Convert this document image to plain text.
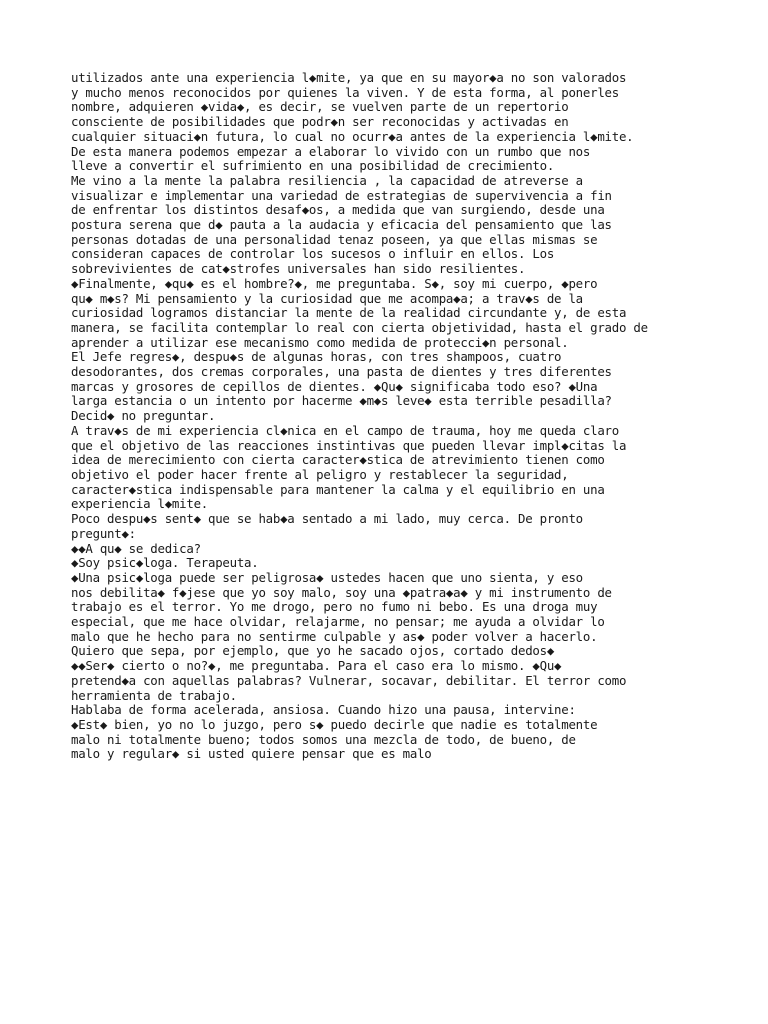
utilizados ante una experiencia l◆mite, ya que en su mayor◆a no son valorados
y mucho menos reconocidos por quienes la viven. Y de esta forma, al ponerles
nombre, adquieren ◆vida◆, es decir, se vuelven parte de un repertorio
consciente de posibilidades que podr◆n ser reconocidas y activadas en
cualquier situaci◆n futura, lo cual no ocurr◆a antes de la experiencia l◆mite.
De esta manera podemos empezar a elaborar lo vivido con un rumbo que nos
lleve a convertir el sufrimiento en una posibilidad de crecimiento.
Me vino a la mente la palabra resiliencia , la capacidad de atreverse a
visualizar e implementar una variedad de estrategias de supervivencia a fin
de enfrentar los distintos desaf◆os, a medida que van surgiendo, desde una
postura serena que d◆ pauta a la audacia y eficacia del pensamiento que las
personas dotadas de una personalidad tenaz poseen, ya que ellas mismas se
consideran capaces de controlar los sucesos o influir en ellos. Los
sobrevivientes de cat◆strofes universales han sido resilientes.
◆Finalmente, ◆qu◆ es el hombre?◆, me preguntaba. S◆, soy mi cuerpo, ◆pero
qu◆ m◆s? Mi pensamiento y la curiosidad que me acompa◆a; a trav◆s de la
curiosidad logramos distanciar la mente de la realidad circundante y, de esta
manera, se facilita contemplar lo real con cierta objetividad, hasta el grado de
aprender a utilizar ese mecanismo como medida de protecci◆n personal.
El Jefe regres◆, despu◆s de algunas horas, con tres shampoos, cuatro
desodorantes, dos cremas corporales, una pasta de dientes y tres diferentes
marcas y grosores de cepillos de dientes. ◆Qu◆ significaba todo eso? ◆Una
larga estancia o un intento por hacerme ◆m◆s leve◆ esta terrible pesadilla?
Decid◆ no preguntar.
A trav◆s de mi experiencia cl◆nica en el campo de trauma, hoy me queda claro
que el objetivo de las reacciones instintivas que pueden llevar impl◆citas la
idea de merecimiento con cierta caracter◆stica de atrevimiento tienen como
objetivo el poder hacer frente al peligro y restablecer la seguridad,
caracter◆stica indispensable para mantener la calma y el equilibrio en una
experiencia l◆mite.
Poco despu◆s sent◆ que se hab◆a sentado a mi lado, muy cerca. De pronto
pregunt◆:
◆◆A qu◆ se dedica?
◆Soy psic◆loga. Terapeuta.
◆Una psic◆loga puede ser peligrosa◆ ustedes hacen que uno sienta, y eso
nos debilita◆ f◆jese que yo soy malo, soy una ◆patra◆a◆ y mi instrumento de
trabajo es el terror. Yo me drogo, pero no fumo ni bebo. Es una droga muy
especial, que me hace olvidar, relajarme, no pensar; me ayuda a olvidar lo
malo que he hecho para no sentirme culpable y as◆ poder volver a hacerlo.
Quiero que sepa, por ejemplo, que yo he sacado ojos, cortado dedos◆
◆◆Ser◆ cierto o no?◆, me preguntaba. Para el caso era lo mismo. ◆Qu◆
pretend◆a con aquellas palabras? Vulnerar, socavar, debilitar. El terror como
herramienta de trabajo.
Hablaba de forma acelerada, ansiosa. Cuando hizo una pausa, intervine:
◆Est◆ bien, yo no lo juzgo, pero s◆ puedo decirle que nadie es totalmente
malo ni totalmente bueno; todos somos una mezcla de todo, de bueno, de
malo y regular◆ si usted quiere pensar que es malo
